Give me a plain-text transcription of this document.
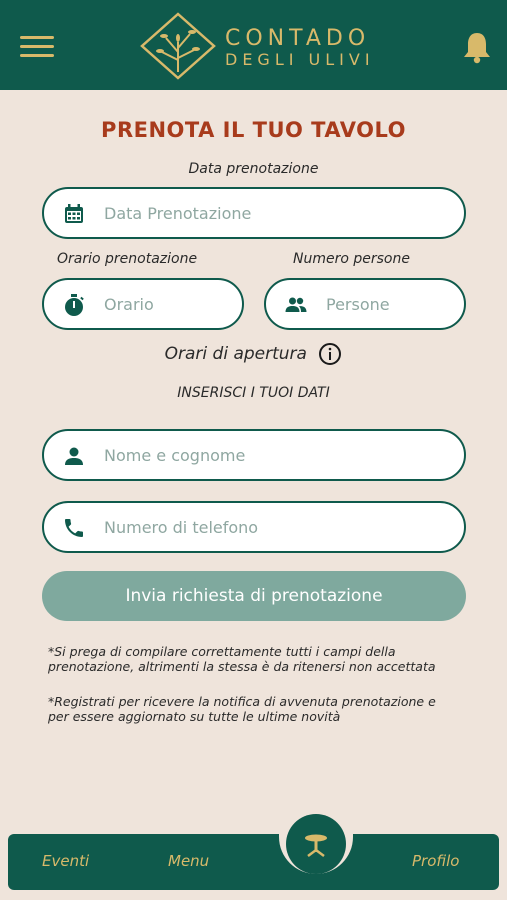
CONTADO
DEGLI ULIVI
PRENOTA IL TUO TAVOLO
Data prenotazione
Data Prenotazione
Orario prenotazione	Numero persone
Orario	Persone
Orari di apertura
INSERISCI I TUOI DATI
Nome e cognome
Numero di telefono
Invia richiesta di prenotazione
*Si prega di compilare correttamente tutti i campi della prenotazione, altrimenti la stessa è da ritenersi non accettata
*Registrati per ricevere la notifica di avvenuta prenotazione e per essere aggiornato su tutte le ultime novità
Eventi	Menu	Profilo
